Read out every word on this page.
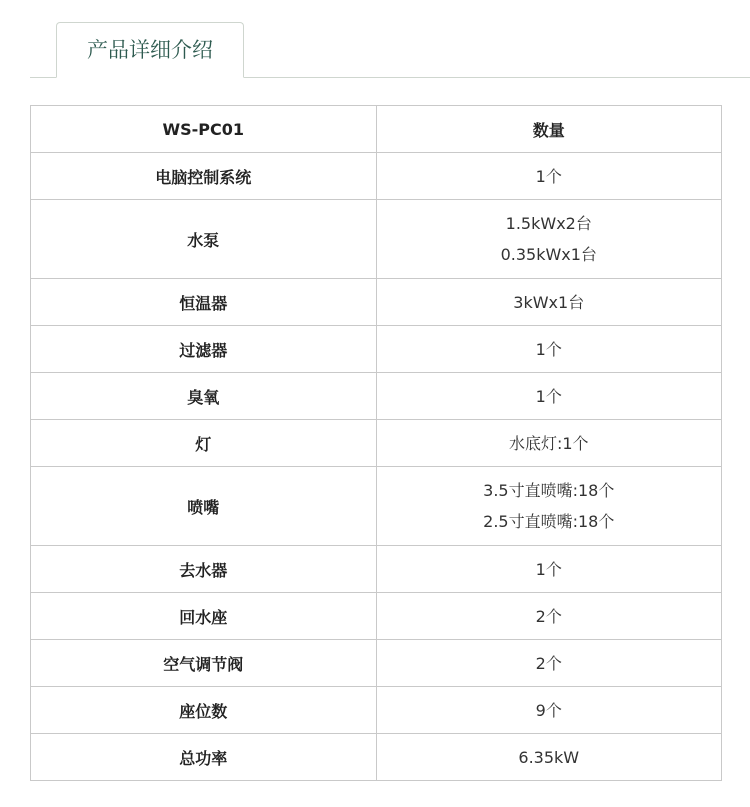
产品详细介绍
WS-PC01	数量
电脑控制系统	1个

水泵	1.5kWx2台
0.35kWx1台

恒温器	3kWx1台

过滤器	1个

臭氧	1个

灯	水底灯:1个

喷嘴	3.5寸直喷嘴:18个
2.5寸直喷嘴:18个

去水器	1个

回水座	2个

空气调节阀	2个

座位数	9个

总功率	6.35kW
